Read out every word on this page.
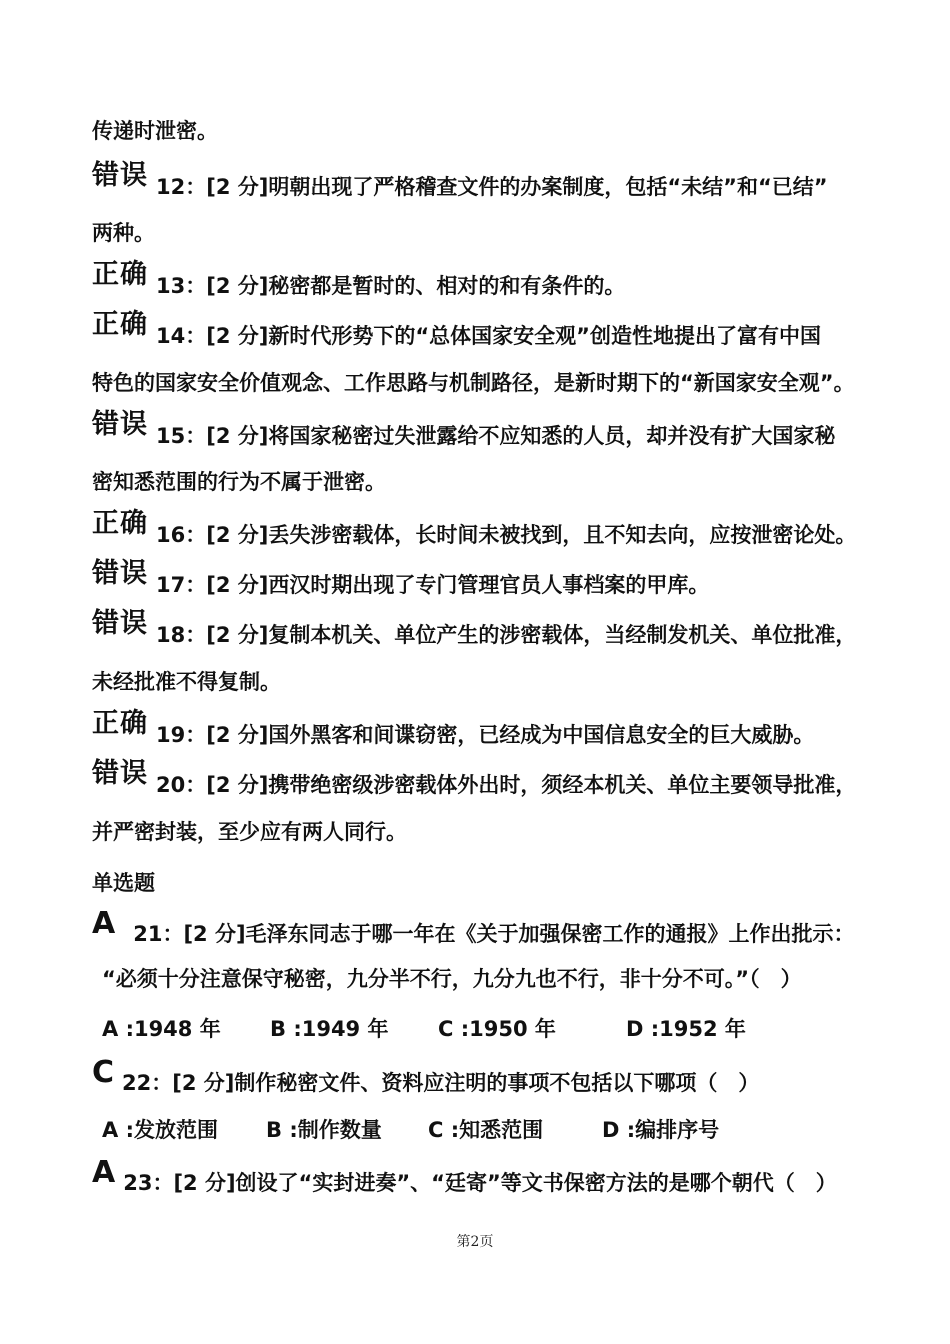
传递时泄密。
错误 12：[2 分]明朝出现了严格稽查文件的办案制度，包括“未结”和“已结”
两种。
正确 13：[2 分]秘密都是暂时的、相对的和有条件的。
正确 14：[2 分]新时代形势下的“总体国家安全观”创造性地提出了富有中国
特色的国家安全价值观念、工作思路与机制路径，是新时期下的“新国家安全观”。
错误 15：[2 分]将国家秘密过失泄露给不应知悉的人员，却并没有扩大国家秘
密知悉范围的行为不属于泄密。
正确 16：[2 分]丢失涉密载体，长时间未被找到，且不知去向，应按泄密论处。
错误 17：[2 分]西汉时期出现了专门管理官员人事档案的甲库。
错误 18：[2 分]复制本机关、单位产生的涉密载体，当经制发机关、单位批准，
未经批准不得复制。
正确 19：[2 分]国外黑客和间谍窃密，已经成为中国信息安全的巨大威胁。
错误 20：[2 分]携带绝密级涉密载体外出时，须经本机关、单位主要领导批准，
并严密封装，至少应有两人同行。
单选题
A 21：[2 分]毛泽东同志于哪一年在《关于加强保密工作的通报》上作出批示：
“必须十分注意保守秘密，九分半不行，九分九也不行，非十分不可。”（　）
A :1948 年 B :1949 年 C :1950 年	D :1952 年
C 22：[2 分]制作秘密文件、资料应注明的事项不包括以下哪项（　）
A :发放范围 B :制作数量 C :知悉范围	D :编排序号
A 23：[2 分]创设了“实封进奏”、“廷寄”等文书保密方法的是哪个朝代（　）
第2页
